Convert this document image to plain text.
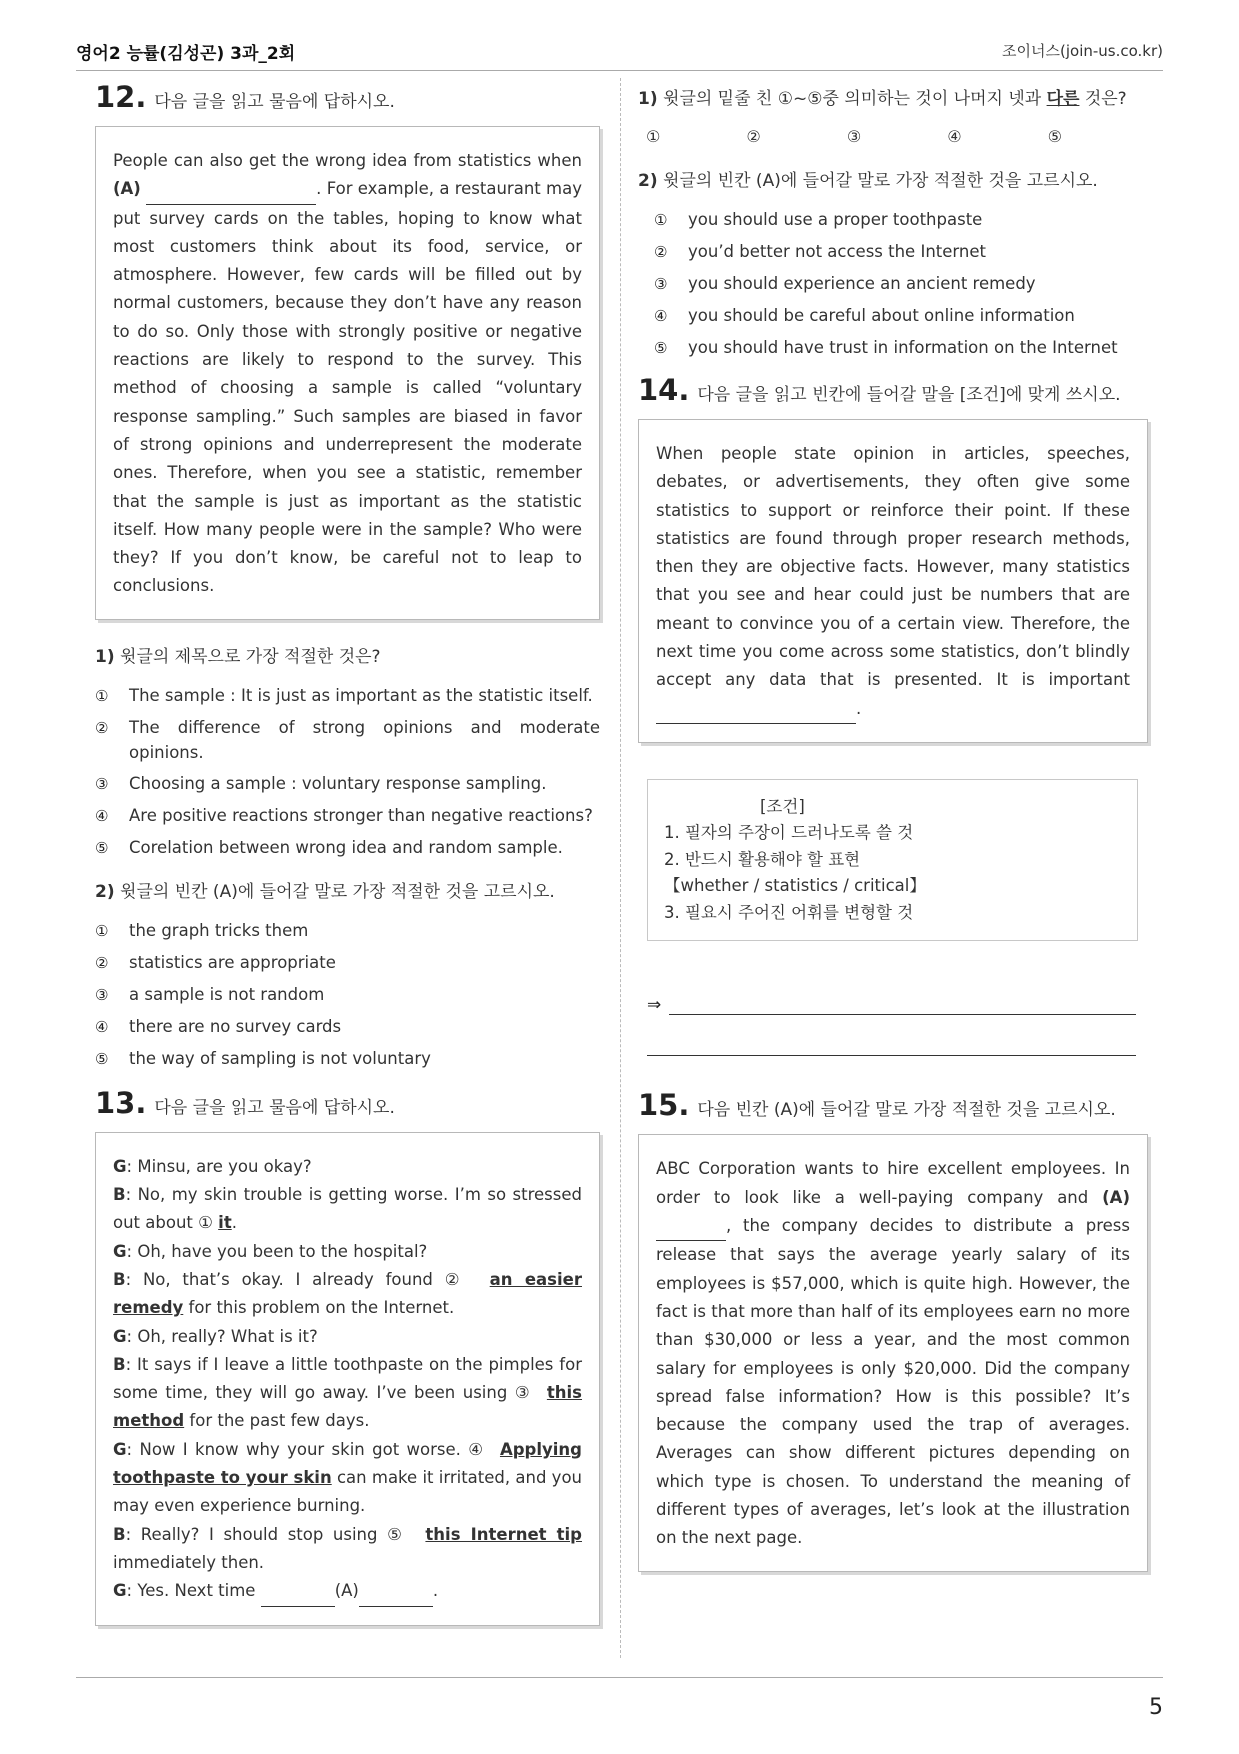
영어2 능률(김성곤) 3과_2회	조이너스(join-us.co.kr)
12. 다음 글을 읽고 물음에 답하시오.
People can also get the wrong idea from statistics when (A)	. For example, a restaurant may put survey cards on the tables, hoping to know what most customers think about its food, service, or atmosphere. However, few cards will be filled out by normal customers, because they don’t have any reason to do so. Only those with strongly positive or negative reactions are likely to respond to the survey. This method of choosing a sample is called “voluntary response sampling.” Such samples are biased in favor of strong opinions and underrepresent the moderate ones. Therefore, when you see a statistic, remember that the sample is just as important as the statistic itself. How many people were in the sample? Who were they? If you don’t know, be careful not to leap to conclusions.
1) 윗글의 제목으로 가장 적절한 것은?
①	The sample : It is just as important as the statistic itself.
②	The difference of strong opinions and moderate opinions.
③	Choosing a sample : voluntary response sampling.
④	Are positive reactions stronger than negative reactions?
⑤	Corelation between wrong idea and random sample.
2) 윗글의 빈칸 (A)에 들어갈 말로 가장 적절한 것을 고르시오.
①	the graph tricks them
②	statistics are appropriate
③	a sample is not random
④	there are no survey cards
⑤	the way of sampling is not voluntary
13. 다음 글을 읽고 물음에 답하시오.

G: Minsu, are you okay?

B: No, my skin trouble is getting worse. I’m so stressed out about ① it.

G: Oh, have you been to the hospital?

B: No, that’s okay. I already found ② an easier remedy for this problem on the Internet.

G: Oh, really? What is it?

B: It says if I leave a little toothpaste on the pimples for some time, they will go away. I’ve been using ③ this method for the past few days.

G: Now I know why your skin got worse. ④ Applying toothpaste to your skin can make it irritated, and you may even experience burning.

B: Really? I should stop using ⑤ this Internet tip immediately then.

G: Yes. Next time	(A)	.

1) 윗글의 밑줄 친 ①~⑤중 의미하는 것이 나머지 넷과 다른 것은?
①	②	③	④	⑤
2) 윗글의 빈칸 (A)에 들어갈 말로 가장 적절한 것을 고르시오.
①	you should use a proper toothpaste
②	you’d better not access the Internet
③	you should experience an ancient remedy
④	you should be careful about online information
⑤	you should have trust in information on the Internet
14. 다음 글을 읽고 빈칸에 들어갈 말을 [조건]에 맞게 쓰시오.
When people state opinion in articles, speeches, debates, or advertisements, they often give some statistics to support or reinforce their point. If these statistics are found through proper research methods, then they are objective facts. However, many statistics that you see and hear could just be numbers that are meant to convince you of a certain view. Therefore, the next time you come across some statistics, don’t blindly accept any data that is presented. It is important  .
[조건]
1. 필자의 주장이 드러나도록 쓸 것
2. 반드시 활용해야 할 표현
【whether / statistics / critical】
3. 필요시 주어진 어휘를 변형할 것
⇒
15. 다음 빈칸 (A)에 들어갈 말로 가장 적절한 것을 고르시오.
ABC Corporation wants to hire excellent employees. In order to look like a well-paying company and (A)  , the company decides to distribute a press release that says the average yearly salary of its employees is $57,000, which is quite high. However, the fact is that more than half of its employees earn no more than $30,000 or less a year, and the most common salary for employees is only $20,000. Did the company spread false information? How is this possible? It’s because the company used the trap of averages. Averages can show different pictures depending on which type is chosen. To understand the meaning of different types of averages, let’s look at the illustration on the next page.
5
